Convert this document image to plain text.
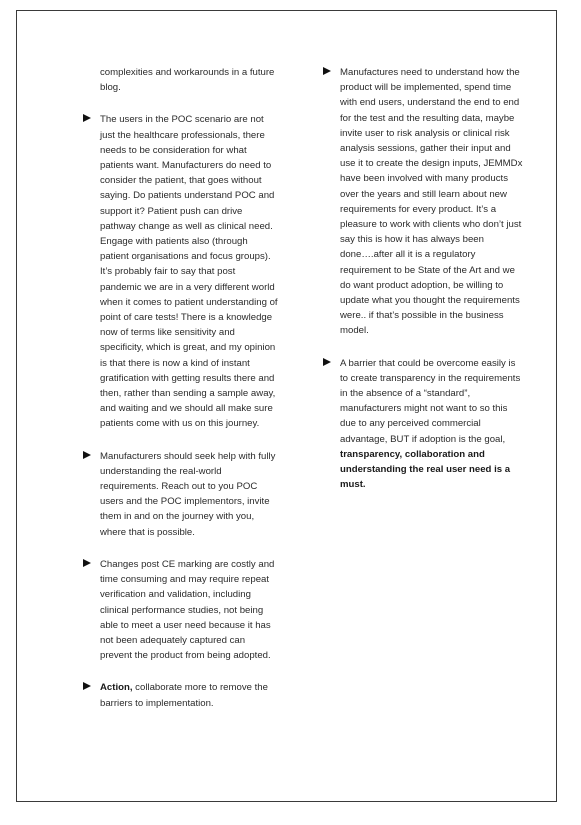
complexities and workarounds in a future blog.
The users in the POC scenario are not just the healthcare professionals, there needs to be consideration for what patients want. Manufacturers do need to consider the patient, that goes without saying. Do patients understand POC and support it? Patient push can drive pathway change as well as clinical need. Engage with patients also (through patient organisations and focus groups). It’s probably fair to say that post pandemic we are in a very different world when it comes to patient understanding of point of care tests! There is a knowledge now of terms like sensitivity and specificity, which is great, and my opinion is that there is now a kind of instant gratification with getting results there and then, rather than sending a sample away, and waiting and we should all make sure patients come with us on this journey.
Manufacturers should seek help with fully understanding the real-world requirements. Reach out to you POC users and the POC implementors, invite them in and on the journey with you, where that is possible.
Changes post CE marking are costly and time consuming and may require repeat verification and validation, including clinical performance studies, not being able to meet a user need because it has not been adequately captured can prevent the product from being adopted.
Action, collaborate more to remove the barriers to implementation.
Manufactures need to understand how the product will be implemented, spend time with end users, understand the end to end for the test and the resulting data, maybe invite user to risk analysis or clinical risk analysis sessions, gather their input and use it to create the design inputs, JEMMDx have been involved with many products over the years and still learn about new requirements for every product. It’s a pleasure to work with clients who don’t just say this is how it has always been done….after all it is a regulatory requirement to be State of the Art and we do want product adoption, be willing to update what you thought the requirements were.. if that’s possible in the business model.
A barrier that could be overcome easily is to create transparency in the requirements in the absence of a “standard”, manufacturers might not want to so this due to any perceived commercial advantage, BUT if adoption is the goal, transparency, collaboration and understanding the real user need is a must.
